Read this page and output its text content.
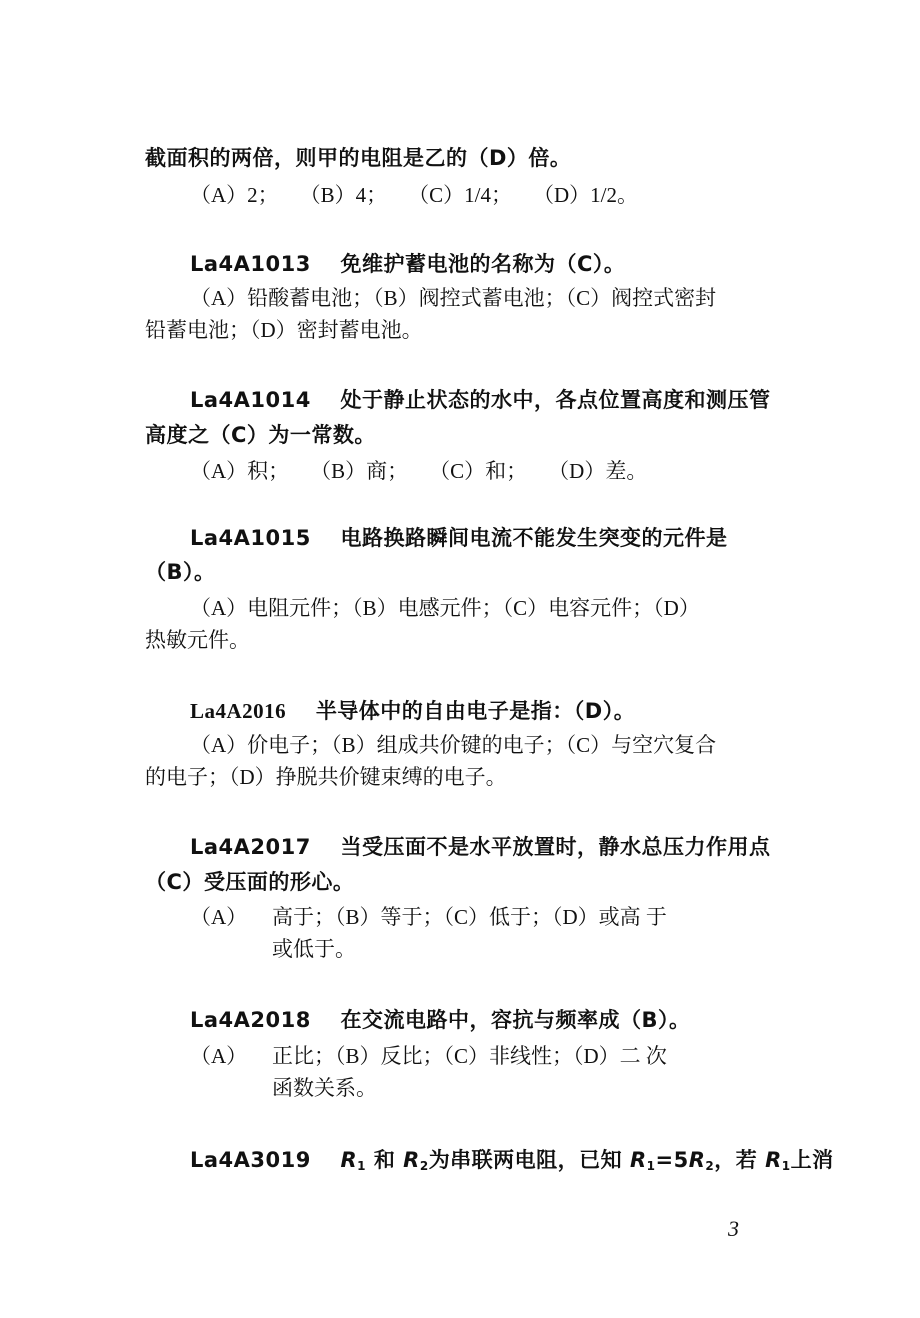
截面积的两倍，则甲的电阻是乙的（D）倍。
（A）2；    （B）4；    （C）1/4；    （D）1/2。
La4A1013 免维护蓄电池的名称为（C）。
（A）铅酸蓄电池；（B）阀控式蓄电池；（C）阀控式密封
铅蓄电池；（D）密封蓄电池。
La4A1014 处于静止状态的水中，各点位置高度和测压管
高度之（C）为一常数。
（A）积；    （B）商；    （C）和；    （D）差。
La4A1015 电路换路瞬间电流不能发生突变的元件是
（B）。
（A）电阻元件；（B）电感元件；（C）电容元件；（D）
热敏元件。
La4A2016 半导体中的自由电子是指：（D）。
（A）价电子；（B）组成共价键的电子；（C）与空穴复合
的电子；（D）挣脱共价键束缚的电子。
La4A2017 当受压面不是水平放置时，静水总压力作用点
（C）受压面的形心。
（A） 高于；（B）等于；（C）低于；（D）或高 于
或低于。
La4A2018 在交流电路中，容抗与频率成（B）。
（A） 正比；（B）反比；（C）非线性；（D）二 次
函数关系。
La4A3019 $R_1$ 和 $R_2$为串联两电阻，已知 $R_1=5R_2$，若 $R_1$上消
3
